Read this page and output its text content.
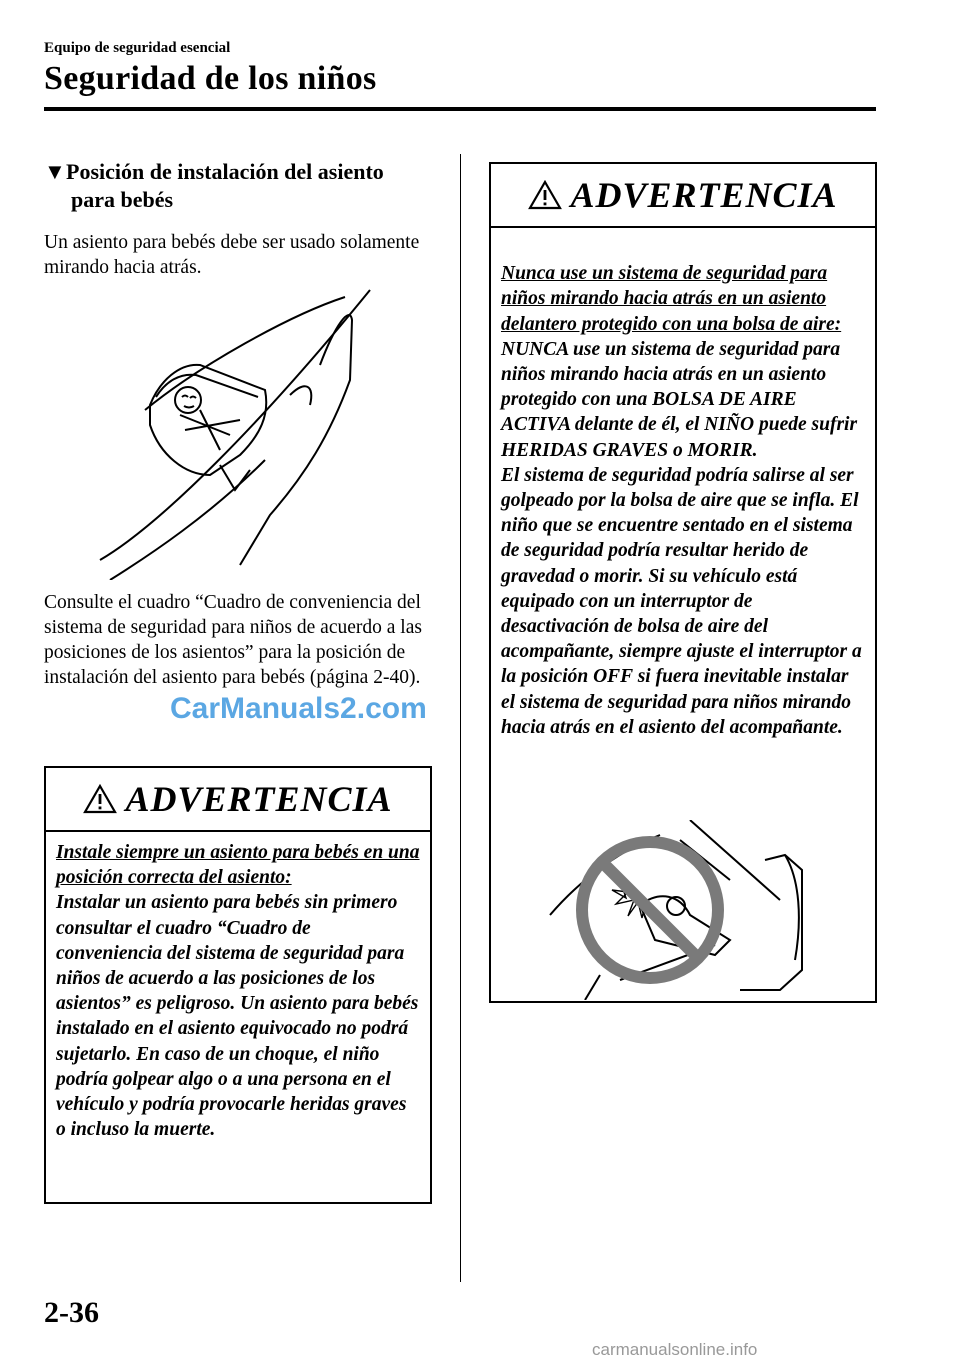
Equipo de seguridad esencial
Seguridad de los niños
▼Posición de instalación del asiento
para bebés
Un asiento para bebés debe ser usado solamente mirando hacia atrás.
Consulte el cuadro “Cuadro de conveniencia del sistema de seguridad para niños de acuerdo a las posiciones de los asientos” para la posición de instalación del asiento para bebés (página 2-40).
CarManuals2.com
ADVERTENCIA
Instale siempre un asiento para bebés en una posición correcta del asiento:
Instalar un asiento para bebés sin primero consultar el cuadro “Cuadro de conveniencia del sistema de seguridad para niños de acuerdo a las posiciones de los asientos” es peligroso. Un asiento para bebés instalado en el asiento equivocado no podrá sujetarlo. En caso de un choque, el niño podría golpear algo o a una persona en el vehículo y podría provocarle heridas graves o incluso la muerte.
ADVERTENCIA

Nunca use un sistema de seguridad para niños mirando hacia atrás en un asiento delantero protegido con una bolsa de aire:
NUNCA use un sistema de seguridad para niños mirando hacia atrás en un asiento protegido con una BOLSA DE AIRE ACTIVA delante de él, el NIÑO puede sufrir HERIDAS GRAVES o MORIR.
El sistema de seguridad podría salirse al ser golpeado por la bolsa de aire que se infla. El niño que se encuentre sentado en el sistema de seguridad podría resultar herido de gravedad o morir. Si su vehículo está equipado con un interruptor de desactivación de bolsa de aire del acompañante, siempre ajuste el interruptor a la posición OFF si fuera inevitable instalar el sistema de seguridad para niños mirando hacia atrás en el asiento del acompañante.

2-36
carmanualsonline.info
